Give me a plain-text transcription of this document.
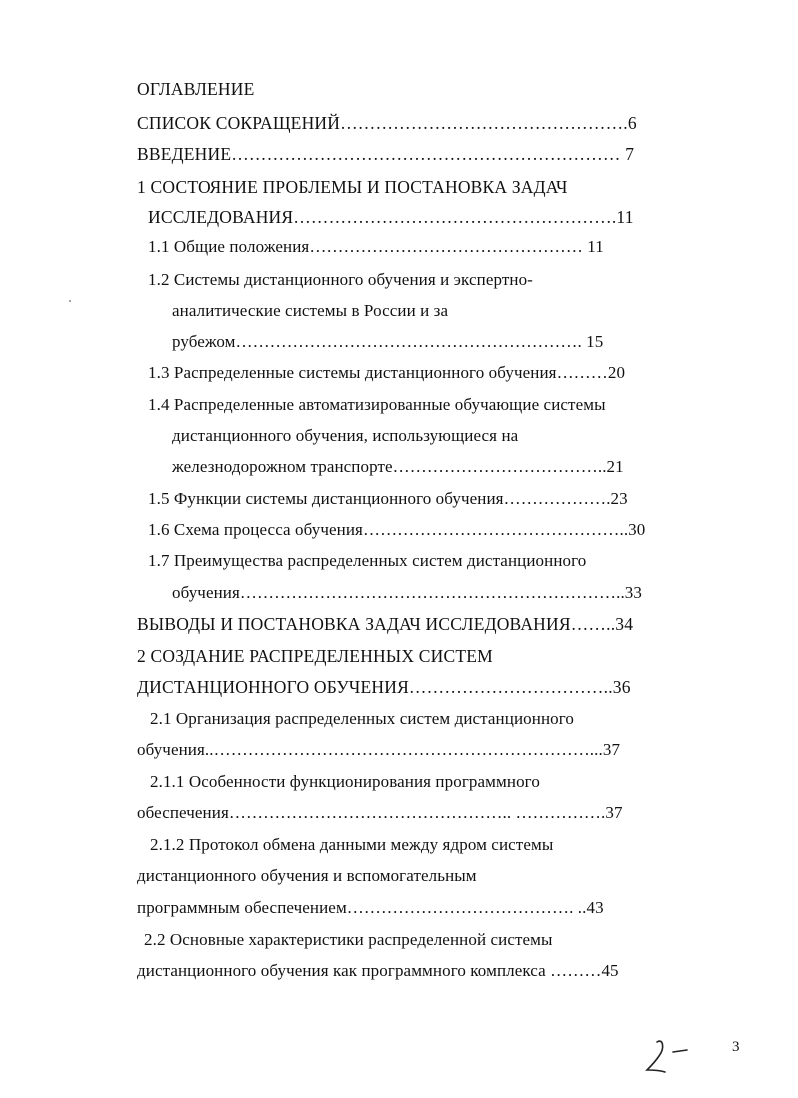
ОГЛАВЛЕНИЕ
СПИСОК СОКРАЩЕНИЙ………………………………………….6
ВВЕДЕНИЕ………………………………………………………… 7
1 СОСТОЯНИЕ ПРОБЛЕМЫ И ПОСТАНОВКА ЗАДАЧ
ИССЛЕДОВАНИЯ……………………………………………….11
1.1 Общие положения………………………………………… 11
1.2 Системы дистанционного обучения и экспертно-
аналитические системы в России и за
рубежом……………………………………………………. 15
1.3 Распределенные системы дистанционного обучения………20
1.4 Распределенные автоматизированные обучающие системы
дистанционного обучения, использующиеся на
железнодорожном транспорте………………………………..21
1.5 Функции системы дистанционного обучения……………….23
1.6 Схема процесса обучения………………………………………..30
1.7 Преимущества распределенных систем дистанционного
обучения…………………………………………………………..33
ВЫВОДЫ И ПОСТАНОВКА ЗАДАЧ ИССЛЕДОВАНИЯ……..34
2 СОЗДАНИЕ РАСПРЕДЕЛЕННЫХ СИСТЕМ
ДИСТАНЦИОННОГО ОБУЧЕНИЯ……………………………..36
2.1 Организация распределенных систем дистанционного
обучения..…………………………………………………………...37
2.1.1 Особенности функционирования программного
обеспечения………………………………………….. …………….37
2.1.2 Протокол обмена данными между ядром системы
дистанционного обучения и вспомогательным
программным обеспечением…………………………………. ..43
2.2 Основные характеристики распределенной системы
дистанционного обучения как программного комплекса ………45
3
